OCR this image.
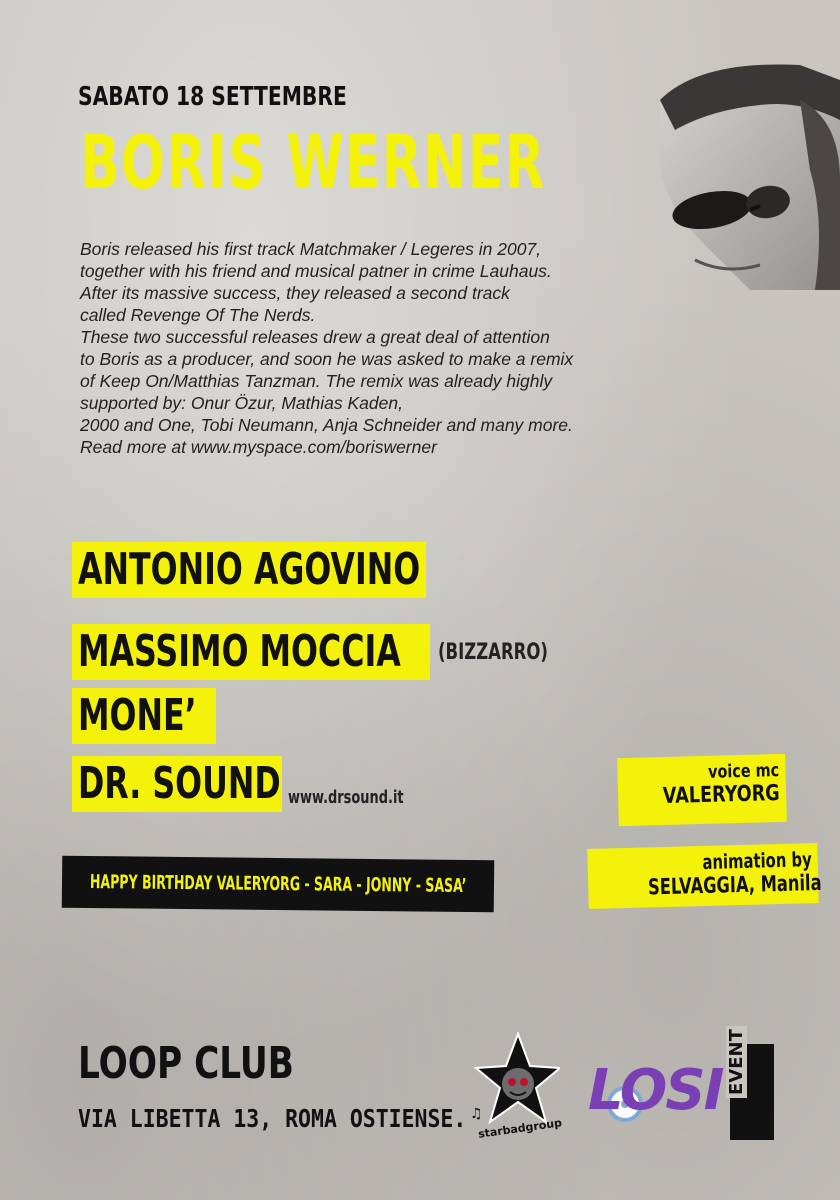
SABATO 18 SETTEMBRE
BORIS WERNER
Boris released his first track Matchmaker / Legeres in 2007,
together with his friend and musical patner in crime Lauhaus.
After its massive success, they released a second track
called Revenge Of The Nerds.
These two successful releases drew a great deal of attention
to Boris as a producer, and soon he was asked to make a remix
of Keep On/Matthias Tanzman. The remix was already highly
supported by: Onur Özur, Mathias Kaden,
2000 and One, Tobi Neumann, Anja Schneider and many more.
Read more at www.myspace.com/boriswerner
ANTONIO AGOVINO
MASSIMO MOCCIA	(BIZZARRO)
MONE’
DR. SOUND www.drsound.it
HAPPY BIRTHDAY VALERYORG - SARA - JONNY - SASA’
voice mc
VALERYORG
animation by
SELVAGGIA, Manila
LOOP CLUB
VIA LIBETTA 13, ROMA OSTIENSE. ♫
starbadgroup
LOSI EVENT
